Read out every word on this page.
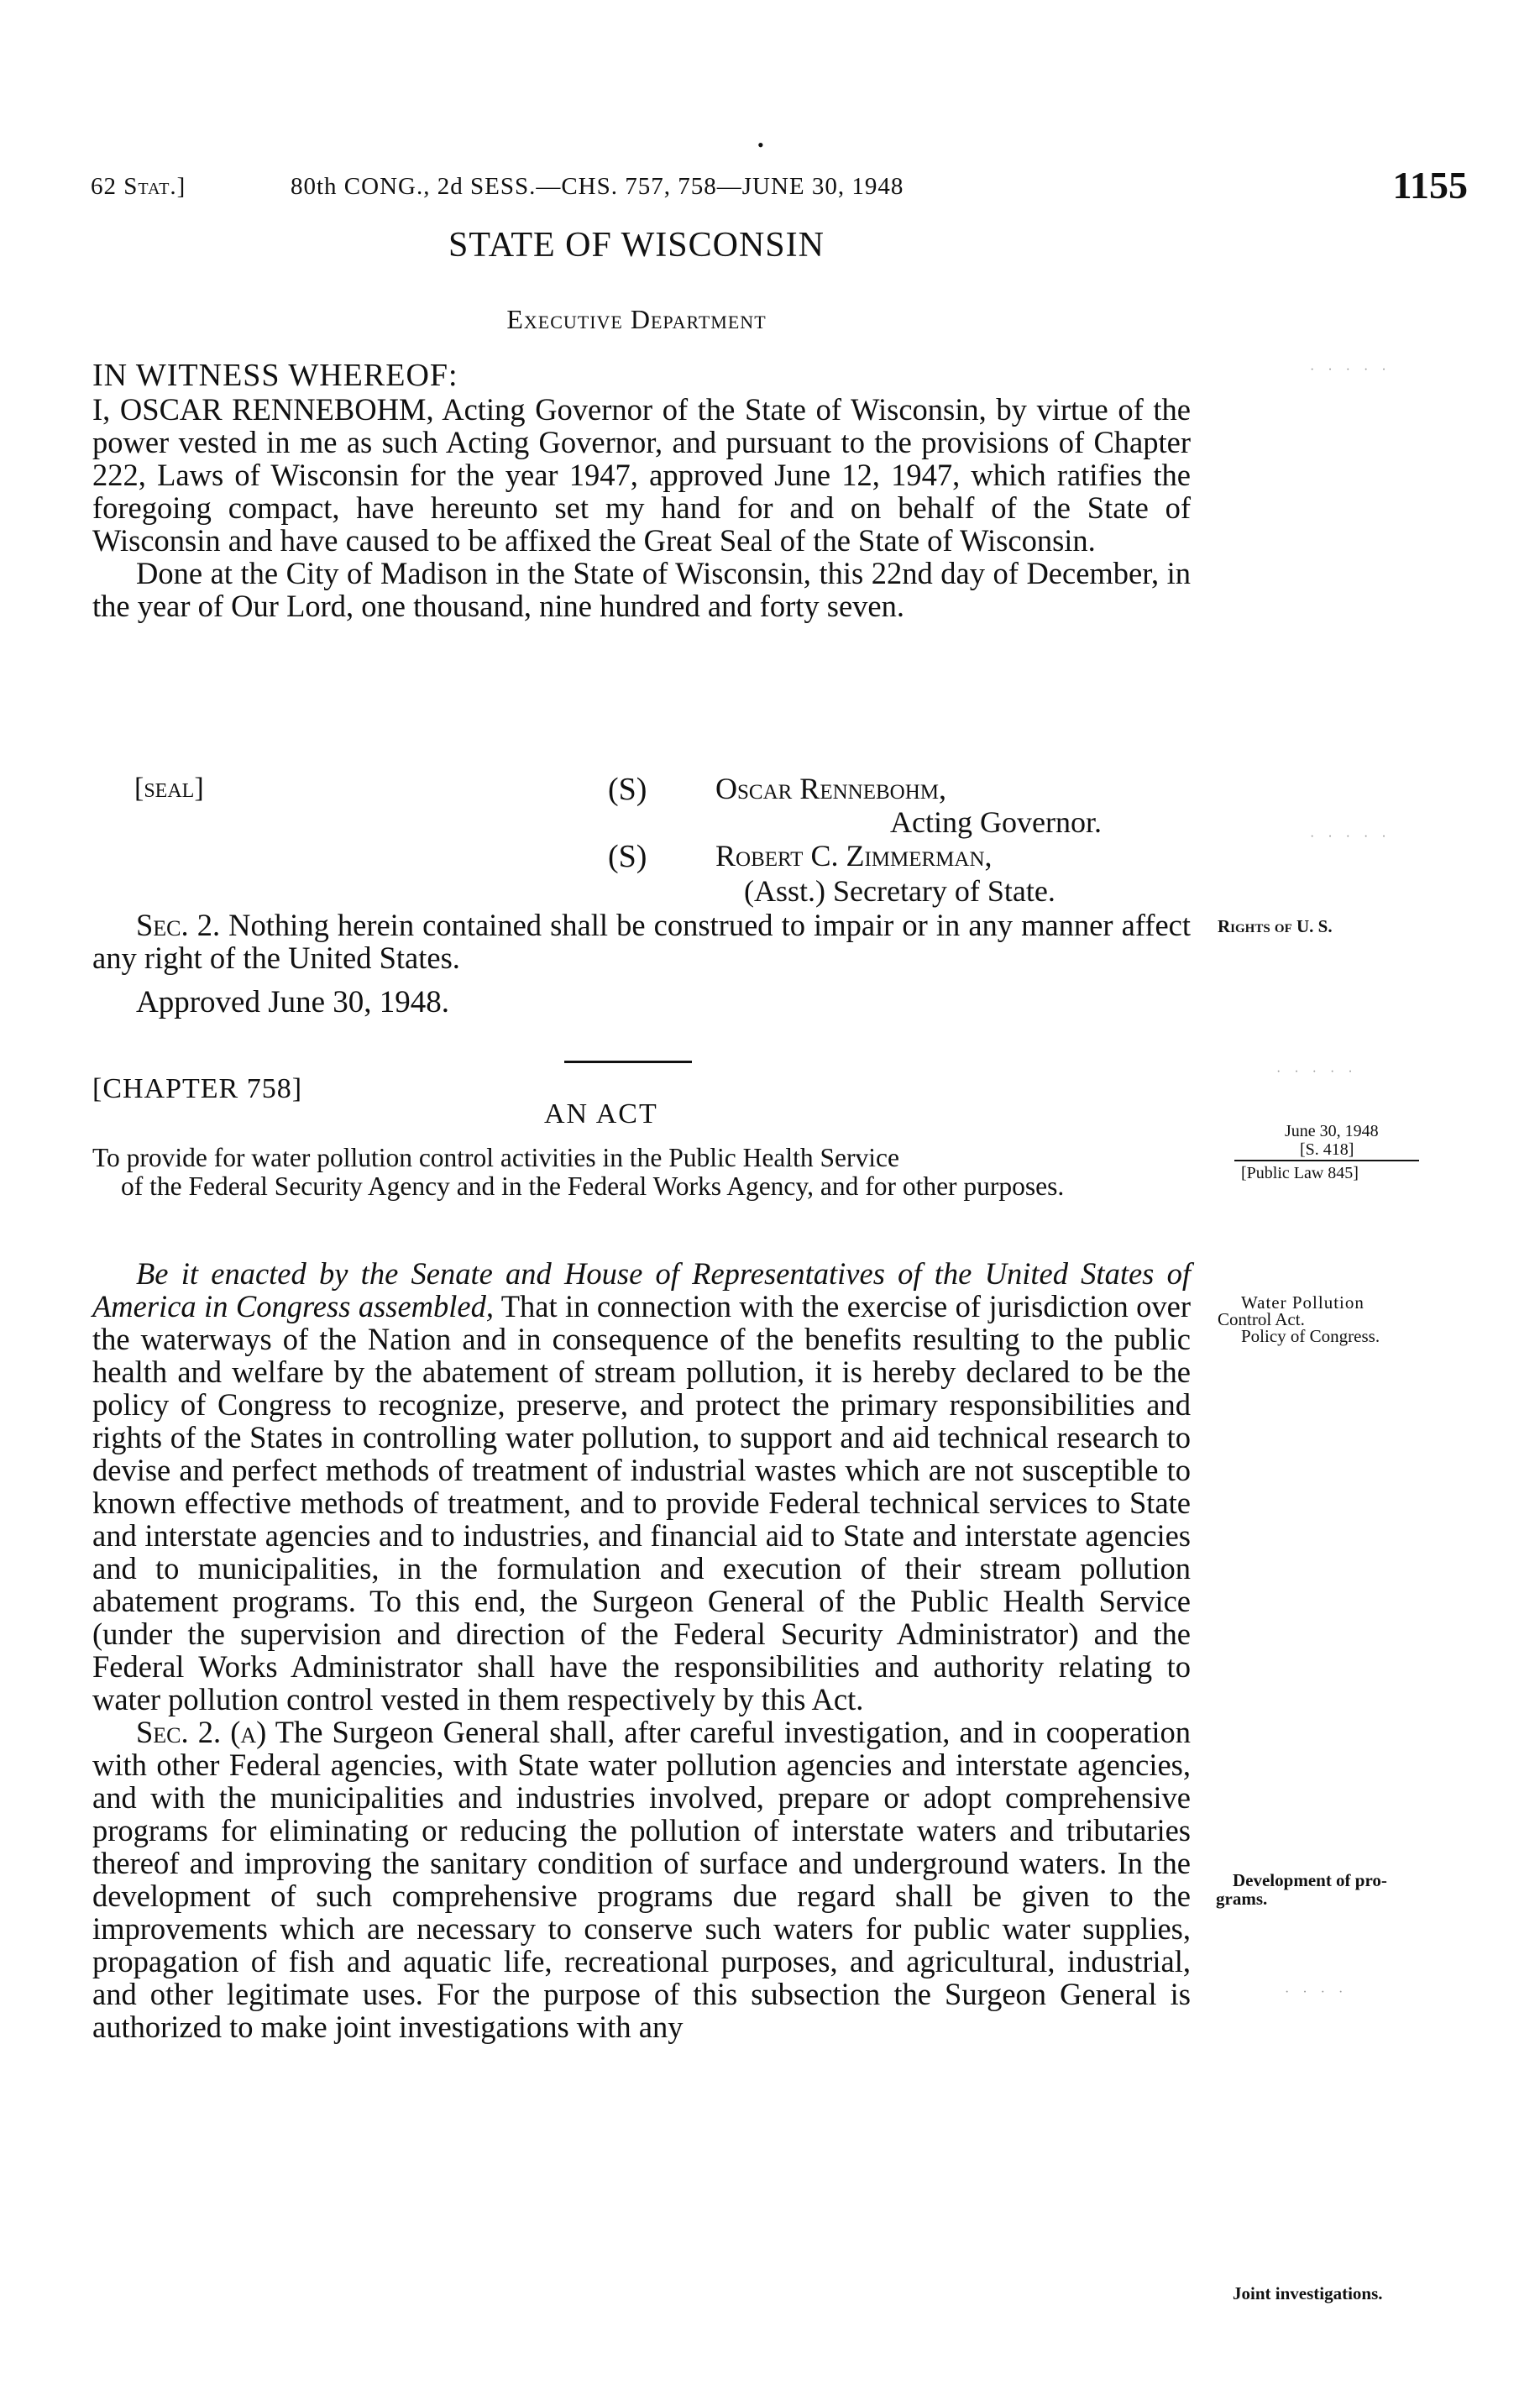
62 Stat.]	80th CONG., 2d SESS.—CHS. 757, 758—JUNE 30, 1948	1155
STATE OF WISCONSIN
Executive Department
IN WITNESS WHEREOF:

I, OSCAR RENNEBOHM, Acting Governor of the State of Wisconsin, by virtue of the power vested in me as such Acting Governor, and pursuant to the provisions of Chapter 222, Laws of Wisconsin for the year 1947, approved June 12, 1947, which ratifies the foregoing compact, have hereunto set my hand for and on behalf of the State of Wisconsin and have caused to be affixed the Great Seal of the State of Wisconsin.

Done at the City of Madison in the State of Wisconsin, this 22nd day of December, in the year of Our Lord, one thousand, nine hundred and forty seven.

[seal]	(S) Oscar Rennebohm,
Acting Governor.
(S) Robert C. Zimmerman,
(Asst.) Secretary of State.

Sec. 2. Nothing herein contained shall be construed to impair or in any manner affect any right of the United States.

Approved June 30, 1948.
[CHAPTER 758]
AN ACT

To provide for water pollution control activities in the Public Health Service

of the Federal Security Agency and in the Federal Works Agency, and for other purposes.

Be it enacted by the Senate and House of Representatives of the United States of America in Congress assembled, That in connection with the exercise of jurisdiction over the waterways of the Nation and in consequence of the benefits resulting to the public health and welfare by the abatement of stream pollution, it is hereby declared to be the policy of Congress to recognize, preserve, and protect the primary responsibilities and rights of the States in controlling water pollution, to support and aid technical research to devise and perfect methods of treatment of industrial wastes which are not susceptible to known effective methods of treatment, and to provide Federal technical services to State and interstate agencies and to industries, and financial aid to State and interstate agencies and to municipalities, in the formulation and execution of their stream pollution abatement programs. To this end, the Surgeon General of the Public Health Service (under the supervision and direction of the Federal Security Administrator) and the Federal Works Administrator shall have the responsibilities and authority relating to water pollution control vested in them respectively by this Act.

Sec. 2. (a) The Surgeon General shall, after careful investigation, and in cooperation with other Federal agencies, with State water pollution agencies and interstate agencies, and with the municipalities and industries involved, prepare or adopt comprehensive programs for eliminating or reducing the pollution of interstate waters and tributaries thereof and improving the sanitary condition of surface and underground waters. In the development of such comprehensive programs due regard shall be given to the improvements which are necessary to conserve such waters for public water supplies, propagation of fish and aquatic life, recreational purposes, and agricultural, industrial, and other legitimate uses. For the purpose of this subsection the Surgeon General is authorized to make joint investigations with any

Rights of U. S.
June 30, 1948
[S. 418]
[Public Law 845]
Water Pollution
Control Act.
Policy of Congress.
Development of pro-
grams.
Joint investigations.
· · · · ·
· · · · ·
· · · · ·
· · · ·
•
